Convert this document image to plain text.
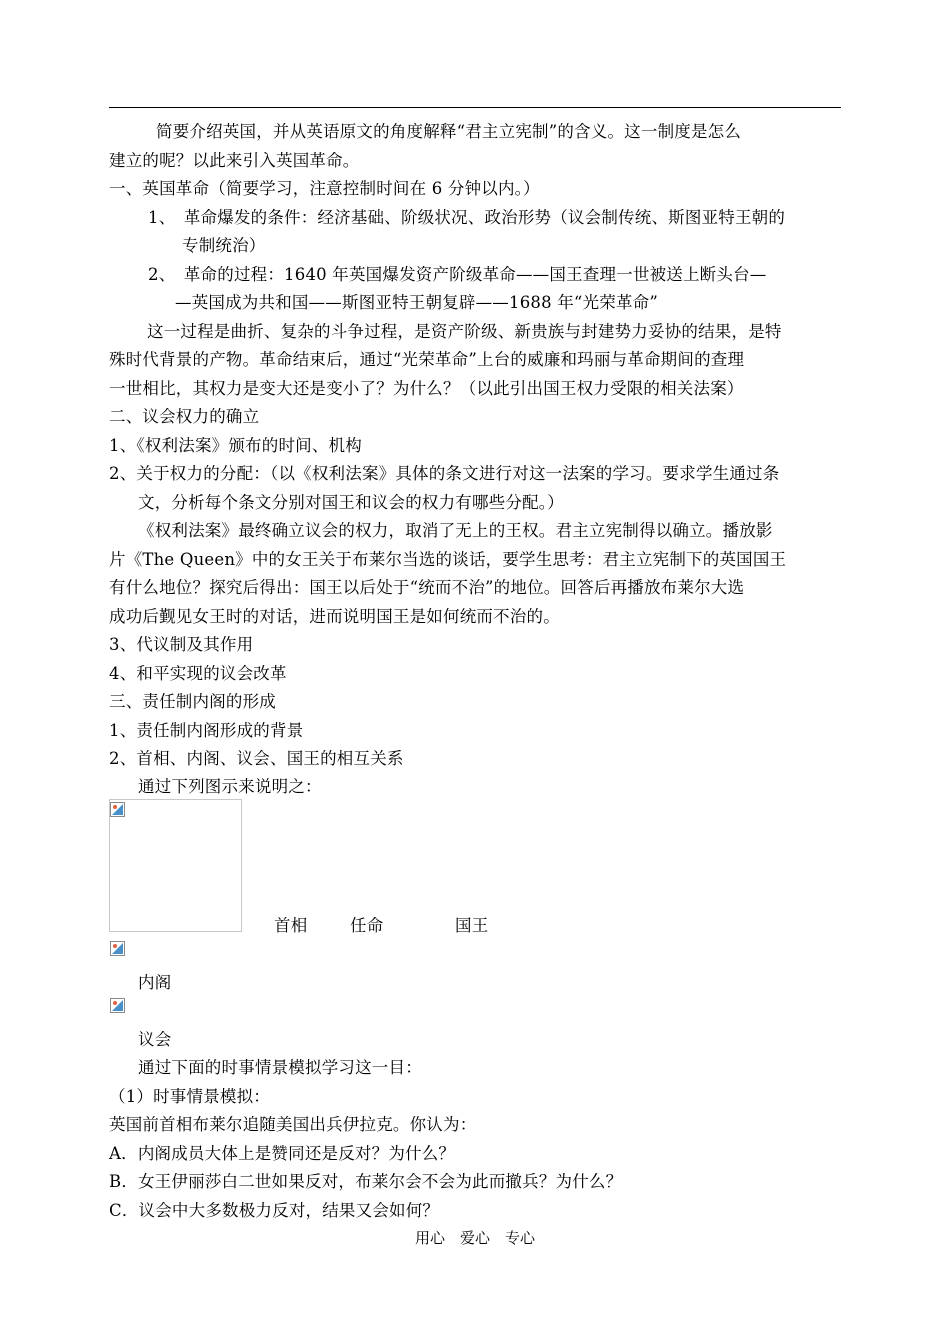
简要介绍英国，并从英语原文的角度解释“君主立宪制”的含义。这一制度是怎么
建立的呢？以此来引入英国革命。
一、英国革命（简要学习，注意控制时间在 6 分钟以内。）
1、　革命爆发的条件：经济基础、阶级状况、政治形势（议会制传统、斯图亚特王朝的
专制统治）
2、　革命的过程：1640 年英国爆发资产阶级革命——国王查理一世被送上断头台—
—英国成为共和国——斯图亚特王朝复辟——1688 年“光荣革命”
这一过程是曲折、复杂的斗争过程，是资产阶级、新贵族与封建势力妥协的结果，是特
殊时代背景的产物。革命结束后，通过“光荣革命”上台的威廉和玛丽与革命期间的查理
一世相比，其权力是变大还是变小了？为什么？（以此引出国王权力受限的相关法案）
二、议会权力的确立
1、《权利法案》颁布的时间、机构
2、关于权力的分配：（以《权利法案》具体的条文进行对这一法案的学习。要求学生通过条
文，分析每个条文分别对国王和议会的权力有哪些分配。）
《权利法案》最终确立议会的权力，取消了无上的王权。君主立宪制得以确立。播放影
片《The Queen》中的女王关于布莱尔当选的谈话，要学生思考：君主立宪制下的英国国王
有什么地位？探究后得出：国王以后处于“统而不治”的地位。回答后再播放布莱尔大选
成功后觐见女王时的对话，进而说明国王是如何统而不治的。
3、代议制及其作用
4、和平实现的议会改革
三、责任制内阁的形成
1、责任制内阁形成的背景
2、首相、内阁、议会、国王的相互关系
通过下列图示来说明之：
首相	任命	国王
内阁
议会
通过下面的时事情景模拟学习这一目：
（1）时事情景模拟：
英国前首相布莱尔追随美国出兵伊拉克。你认为：
A．内阁成员大体上是赞同还是反对？为什么？
B．女王伊丽莎白二世如果反对，布莱尔会不会为此而撤兵？为什么？
C．议会中大多数极力反对，结果又会如何？
用心　爱心　专心
